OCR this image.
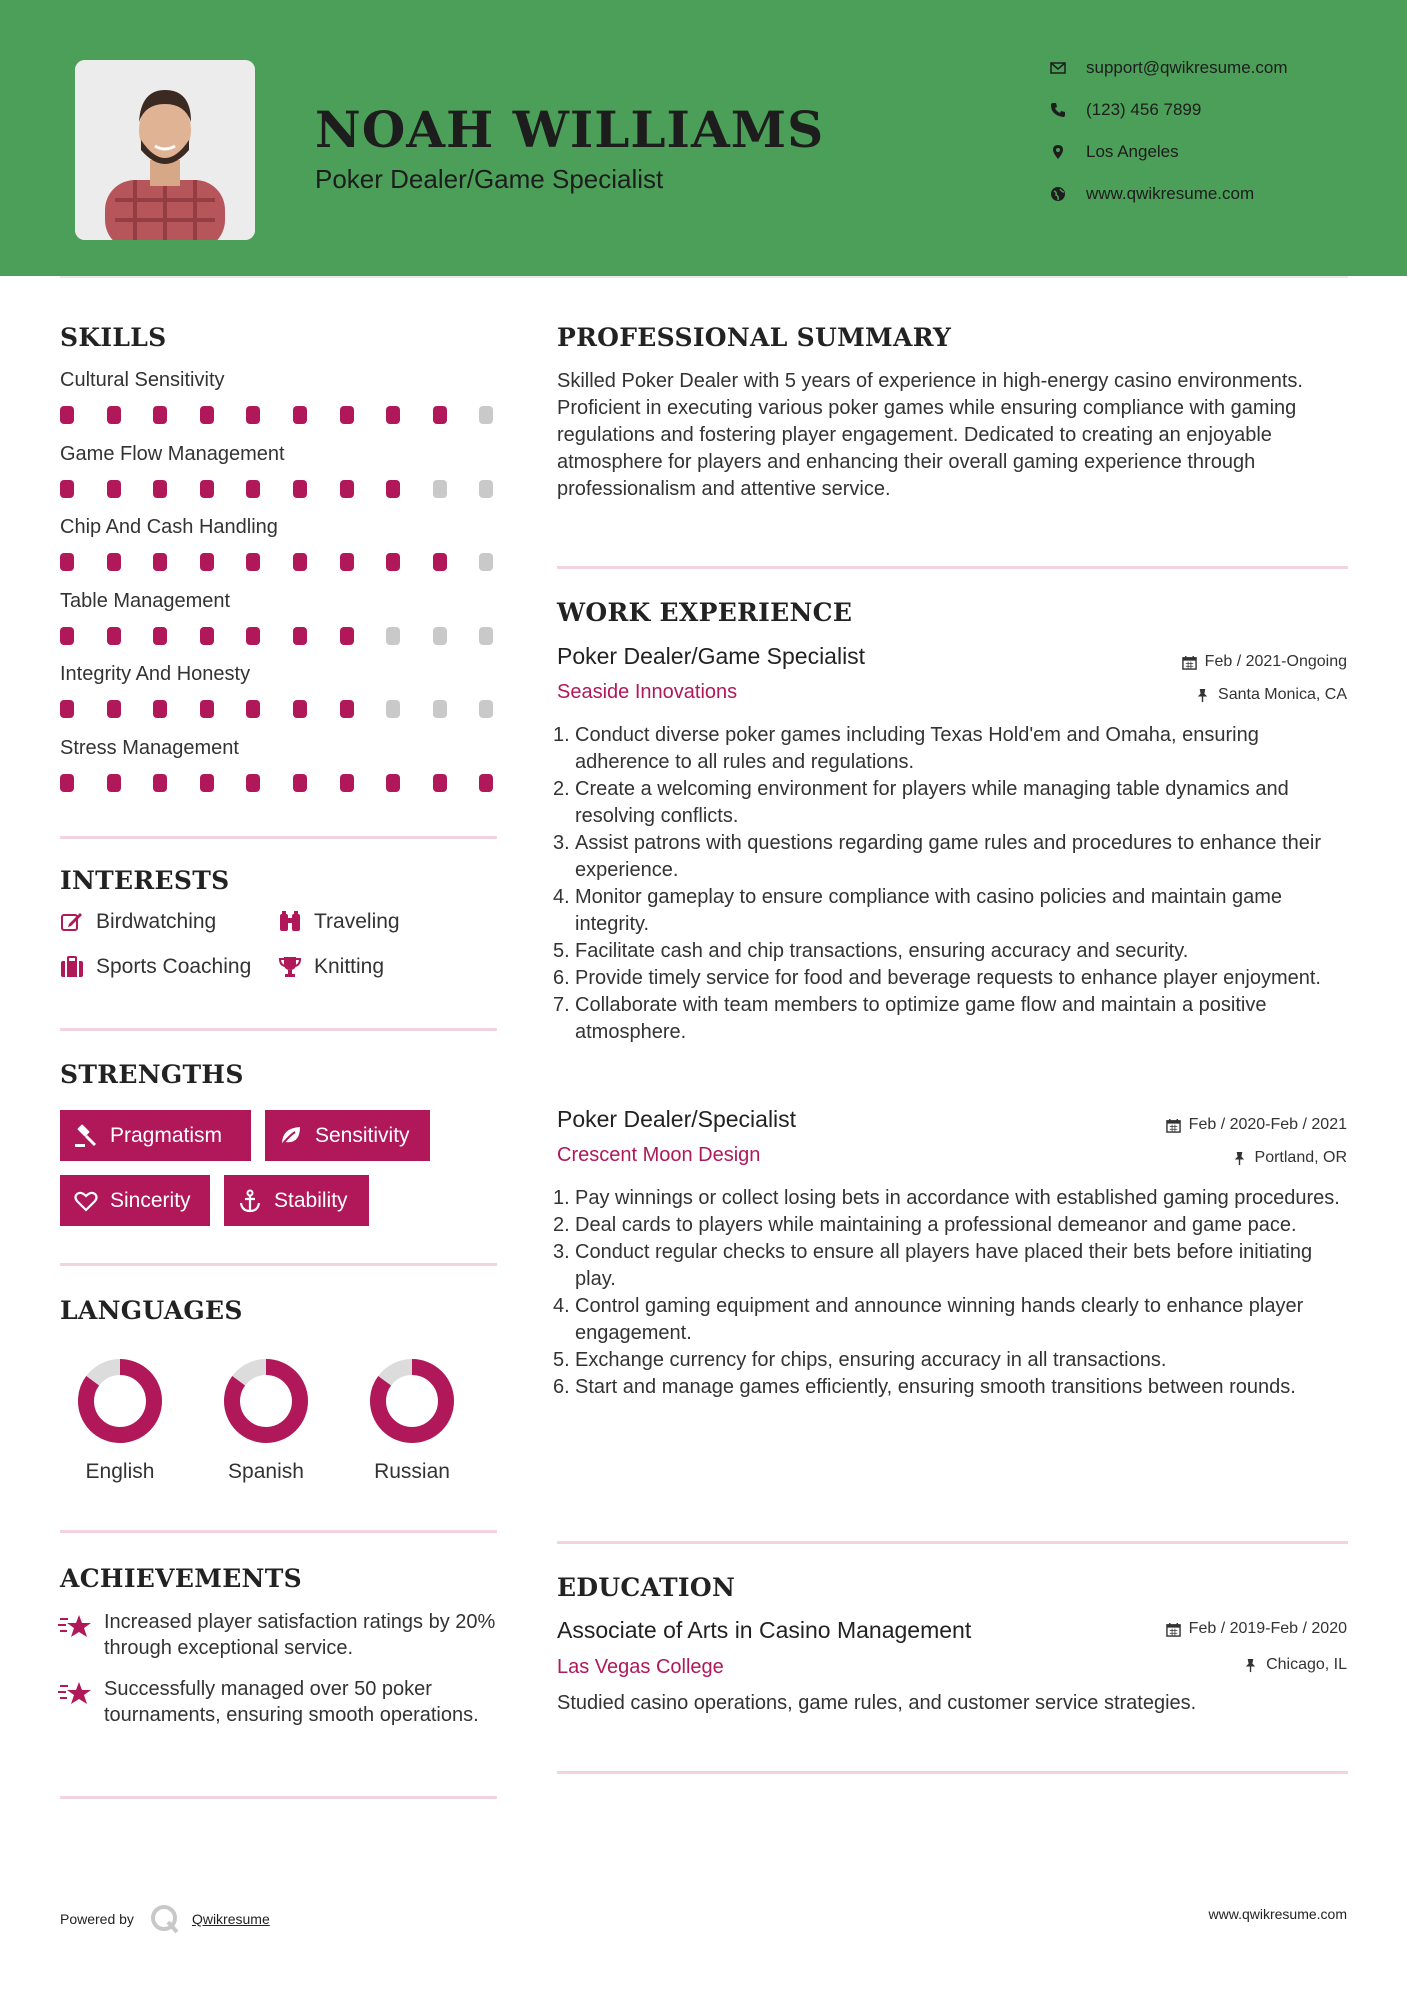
NOAH WILLIAMS
Poker Dealer/Game Specialist
support@qwikresume.com
(123) 456 7899
Los Angeles
www.qwikresume.com
SKILLS
Cultural Sensitivity
Game Flow Management
Chip And Cash Handling
Table Management
Integrity And Honesty
Stress Management
INTERESTS
Birdwatching	Traveling
Sports Coaching	Knitting
STRENGTHS
Pragmatism	Sensitivity
Sincerity	Stability
LANGUAGES
English	Spanish	Russian
ACHIEVEMENTS
Increased player satisfaction ratings by 20% through exceptional service.
Successfully managed over 50 poker tournaments, ensuring smooth operations.
PROFESSIONAL SUMMARY
Skilled Poker Dealer with 5 years of experience in high-energy casino environments. Proficient in executing various poker games while ensuring compliance with gaming regulations and fostering player engagement. Dedicated to creating an enjoyable atmosphere for players and enhancing their overall gaming experience through professionalism and attentive service.
WORK EXPERIENCE
Poker Dealer/Game Specialist	Feb / 2021-Ongoing
Seaside Innovations	Santa Monica, CA
1. Conduct diverse poker games including Texas Hold'em and Omaha, ensuring adherence to all rules and regulations.
2. Create a welcoming environment for players while managing table dynamics and resolving conflicts.
3. Assist patrons with questions regarding game rules and procedures to enhance their experience.
4. Monitor gameplay to ensure compliance with casino policies and maintain game integrity.
5. Facilitate cash and chip transactions, ensuring accuracy and security.
6. Provide timely service for food and beverage requests to enhance player enjoyment.
7. Collaborate with team members to optimize game flow and maintain a positive atmosphere.
Poker Dealer/Specialist	Feb / 2020-Feb / 2021
Crescent Moon Design	Portland, OR
1. Pay winnings or collect losing bets in accordance with established gaming procedures.
2. Deal cards to players while maintaining a professional demeanor and game pace.
3. Conduct regular checks to ensure all players have placed their bets before initiating play.
4. Control gaming equipment and announce winning hands clearly to enhance player engagement.
5. Exchange currency for chips, ensuring accuracy in all transactions.
6. Start and manage games efficiently, ensuring smooth transitions between rounds.
EDUCATION
Associate of Arts in Casino Management	Feb / 2019-Feb / 2020
Las Vegas College	Chicago, IL
Studied casino operations, game rules, and customer service strategies.
Powered by	Qwikresume	www.qwikresume.com
